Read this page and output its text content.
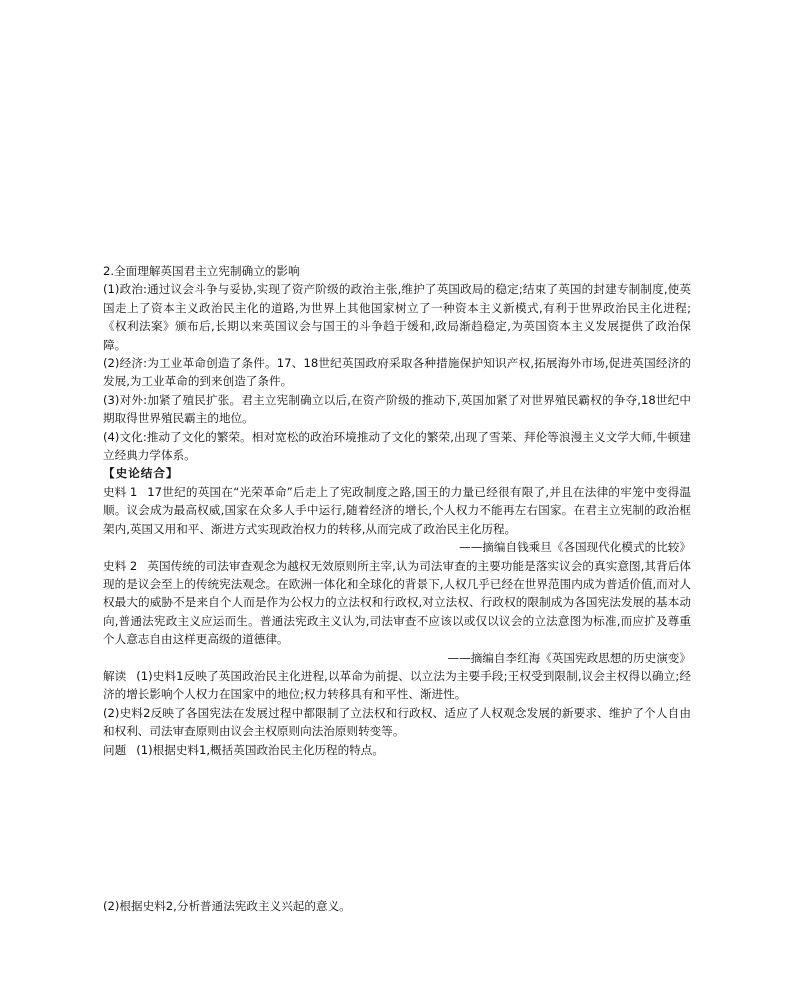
2.全面理解英国君主立宪制确立的影响

(1)政治:通过议会斗争与妥协,实现了资产阶级的政治主张,维护了英国政局的稳定;结束了英国的封建专制制度,使英国走上了资本主义政治民主化的道路,为世界上其他国家树立了一种资本主义新模式,有利于世界政治民主化进程;《权利法案》颁布后,长期以来英国议会与国王的斗争趋于缓和,政局渐趋稳定,为英国资本主义发展提供了政治保障。

(2)经济:为工业革命创造了条件。17、18世纪英国政府采取各种措施保护知识产权,拓展海外市场,促进英国经济的发展,为工业革命的到来创造了条件。

(3)对外:加紧了殖民扩张。君主立宪制确立以后,在资产阶级的推动下,英国加紧了对世界殖民霸权的争夺,18世纪中期取得世界殖民霸主的地位。

(4)文化:推动了文化的繁荣。相对宽松的政治环境推动了文化的繁荣,出现了雪莱、拜伦等浪漫主义文学大师,牛顿建立经典力学体系。

【史论结合】

史料 1 17世纪的英国在“光荣革命”后走上了宪政制度之路,国王的力量已经很有限了,并且在法律的牢笼中变得温顺。议会成为最高权威,国家在众多人手中运行,随着经济的增长,个人权力不能再左右国家。在君主立宪制的政治框架内,英国又用和平、渐进方式实现政治权力的转移,从而完成了政治民主化历程。

——摘编自钱乘旦《各国现代化模式的比较》

史料 2 英国传统的司法审查观念为越权无效原则所主宰,认为司法审查的主要功能是落实议会的真实意图,其背后体现的是议会至上的传统宪法观念。在欧洲一体化和全球化的背景下,人权几乎已经在世界范围内成为普适价值,而对人权最大的威胁不是来自个人而是作为公权力的立法权和行政权,对立法权、行政权的限制成为各国宪法发展的基本动向,普通法宪政主义应运而生。普通法宪政主义认为,司法审查不应该以或仅以议会的立法意图为标准,而应扩及尊重个人意志自由这样更高级的道德律。

——摘编自李红海《英国宪政思想的历史演变》

解读 (1)史料1反映了英国政治民主化进程,以革命为前提、以立法为主要手段;王权受到限制,议会主权得以确立;经济的增长影响个人权力在国家中的地位;权力转移具有和平性、渐进性。

(2)史料2反映了各国宪法在发展过程中都限制了立法权和行政权、适应了人权观念发展的新要求、维护了个人自由和权利、司法审查原则由议会主权原则向法治原则转变等。

问题 (1)根据史料1,概括英国政治民主化历程的特点。

(2)根据史料2,分析普通法宪政主义兴起的意义。
